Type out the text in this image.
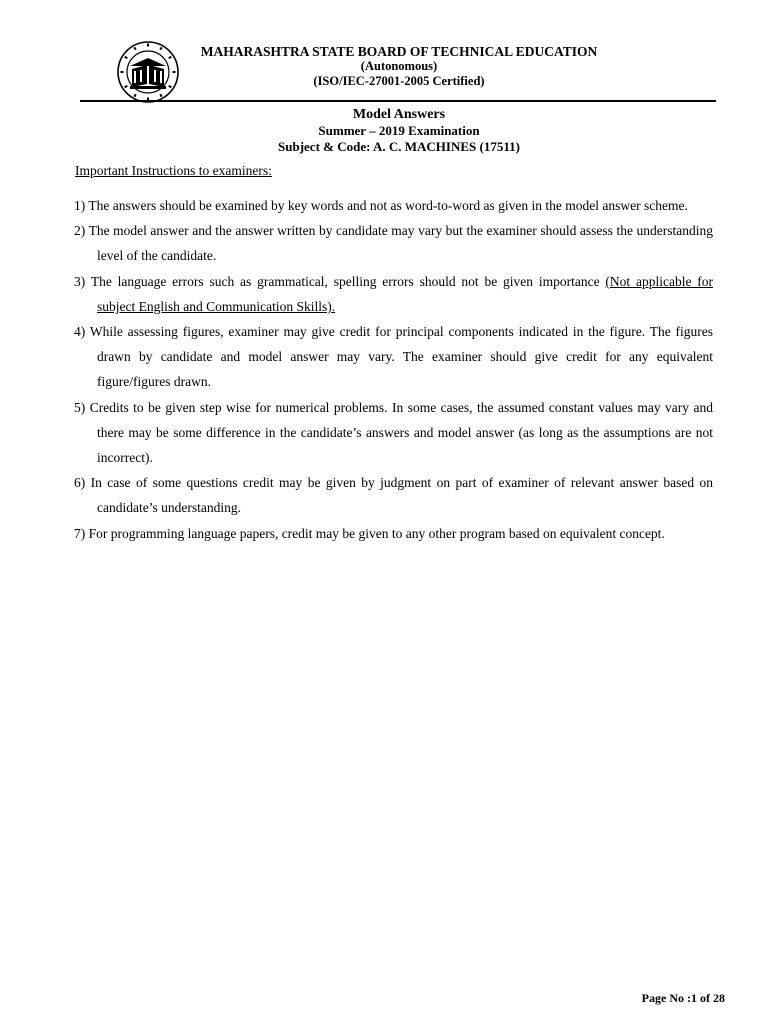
MAHARASHTRA STATE BOARD OF TECHNICAL EDUCATION
(Autonomous)
(ISO/IEC-27001-2005 Certified)
Model Answers
Summer – 2019 Examination
Subject & Code: A. C. MACHINES (17511)
Important Instructions to examiners:
1) The answers should be examined by key words and not as word-to-word as given in the model answer scheme.
2) The model answer and the answer written by candidate may vary but the examiner should assess the understanding level of the candidate.
3) The language errors such as grammatical, spelling errors should not be given importance (Not applicable for subject English and Communication Skills).
4) While assessing figures, examiner may give credit for principal components indicated in the figure. The figures drawn by candidate and model answer may vary. The examiner should give credit for any equivalent figure/figures drawn.
5) Credits to be given step wise for numerical problems. In some cases, the assumed constant values may vary and there may be some difference in the candidate’s answers and model answer (as long as the assumptions are not incorrect).
6) In case of some questions credit may be given by judgment on part of examiner of relevant answer based on candidate’s understanding.
7) For programming language papers, credit may be given to any other program based on equivalent concept.
Page No :1 of 28
